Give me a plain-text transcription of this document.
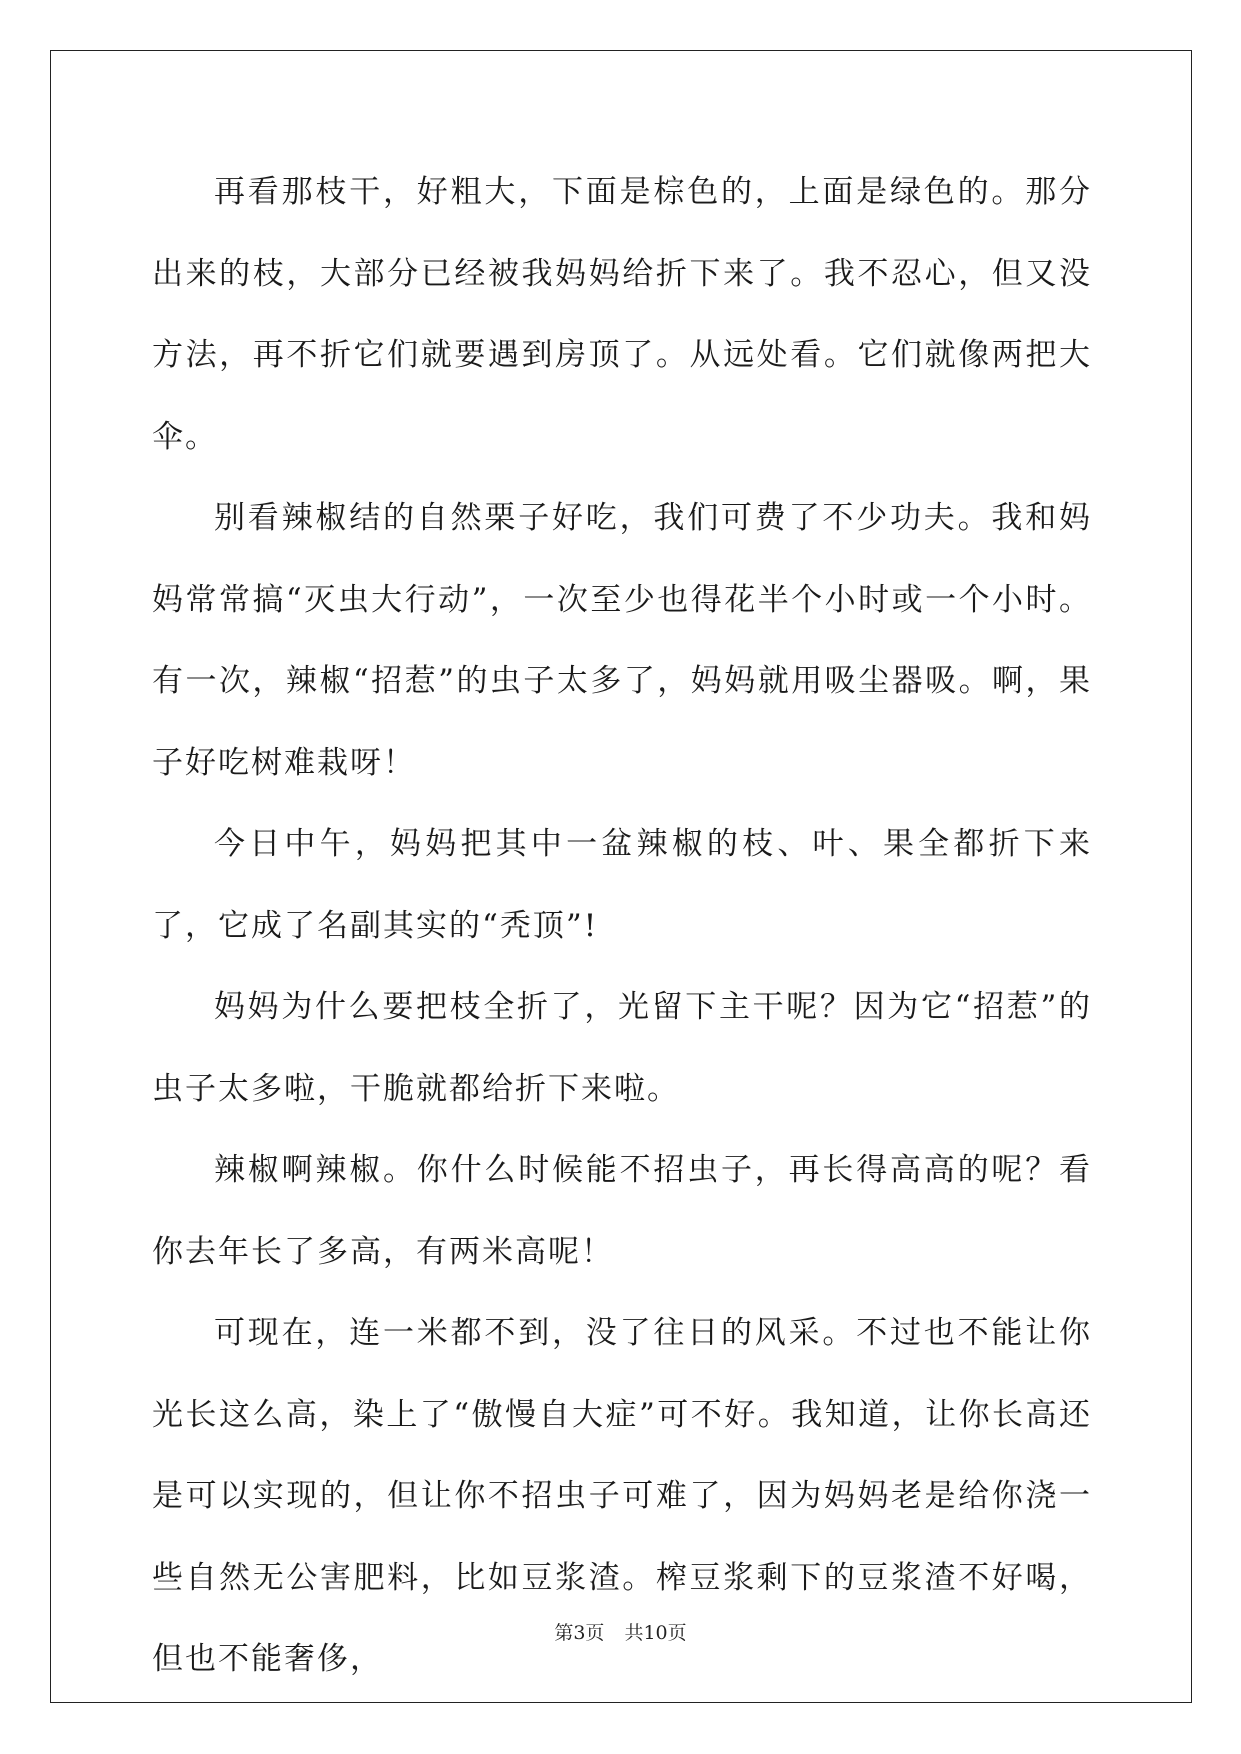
再看那枝干，好粗大，下面是棕色的，上面是绿色的。那分出来的枝，大部分已经被我妈妈给折下来了。我不忍心，但又没方法，再不折它们就要遇到房顶了。从远处看。它们就像两把大伞。

别看辣椒结的自然栗子好吃，我们可费了不少功夫。我和妈妈常常搞“灭虫大行动”，一次至少也得花半个小时或一个小时。有一次，辣椒“招惹”的虫子太多了，妈妈就用吸尘器吸。啊，果子好吃树难栽呀！

今日中午，妈妈把其中一盆辣椒的枝、叶、果全都折下来了，它成了名副其实的“秃顶”!

妈妈为什么要把枝全折了，光留下主干呢？因为它“招惹”的虫子太多啦，干脆就都给折下来啦。

辣椒啊辣椒。你什么时候能不招虫子，再长得高高的呢？看你去年长了多高，有两米高呢！

可现在，连一米都不到，没了往日的风采。不过也不能让你光长这么高，染上了“傲慢自大症”可不好。我知道，让你长高还是可以实现的，但让你不招虫子可难了，因为妈妈老是给你浇一些自然无公害肥料，比如豆浆渣。榨豆浆剩下的豆浆渣不好喝，但也不能奢侈，

第3页 共10页
